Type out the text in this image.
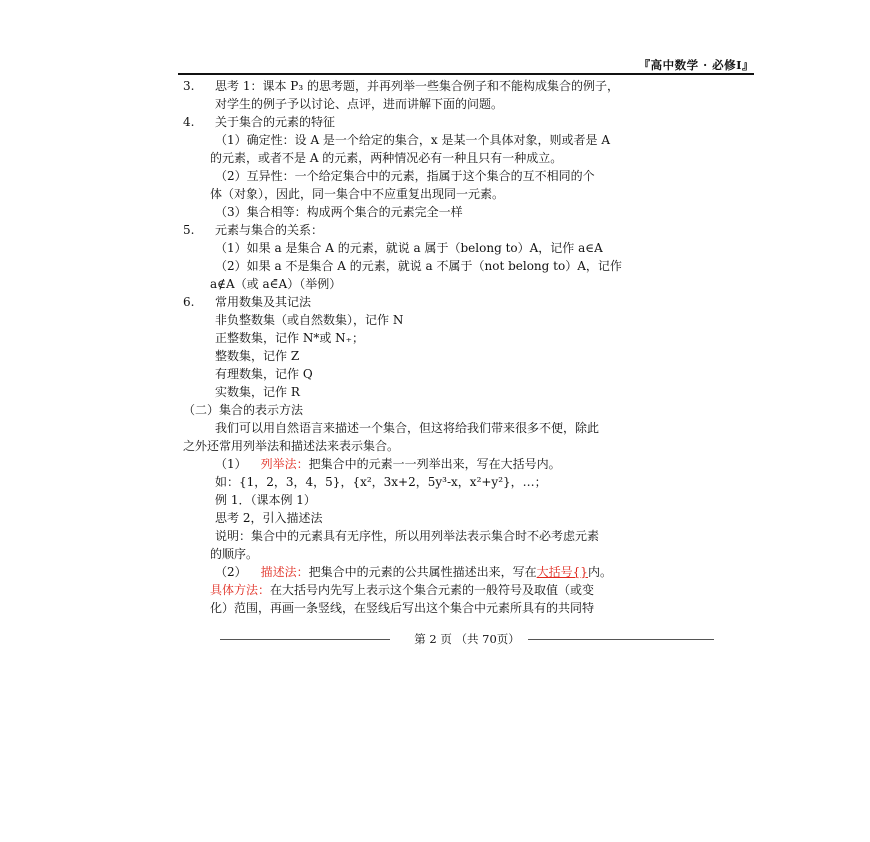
『高中数学 · 必修Ⅰ』
3. 思考 1：课本 P₃ 的思考题，并再列举一些集合例子和不能构成集合的例子，
对学生的例子予以讨论、点评，进而讲解下面的问题。
4. 关于集合的元素的特征
（1）确定性：设 A 是一个给定的集合，x 是某一个具体对象，则或者是 A
的元素，或者不是 A 的元素，两种情况必有一种且只有一种成立。
（2）互异性：一个给定集合中的元素，指属于这个集合的互不相同的个
体（对象），因此，同一集合中不应重复出现同一元素。
（3）集合相等：构成两个集合的元素完全一样
5. 元素与集合的关系：
（1）如果 a 是集合 A 的元素，就说 a 属于（belong to）A，记作 a∈A
（2）如果 a 不是集合 A 的元素，就说 a 不属于（not belong to）A，记作
a∉A（或 a∈̄A）（举例）
6. 常用数集及其记法
非负整数集（或自然数集），记作 N
正整数集，记作 N*或 N₊；
整数集，记作 Z
有理数集，记作 Q
实数集，记作 R
（二）集合的表示方法
我们可以用自然语言来描述一个集合，但这将给我们带来很多不便，除此
之外还常用列举法和描述法来表示集合。
（1） 列举法：把集合中的元素一一列举出来，写在大括号内。
如：{1，2，3，4，5}，{x²，3x+2，5y³-x，x²+y²}，…；
例 1．（课本例 1）
思考 2，引入描述法
说明：集合中的元素具有无序性，所以用列举法表示集合时不必考虑元素
的顺序。
（2） 描述法：把集合中的元素的公共属性描述出来，写在大括号{}内。
具体方法：在大括号内先写上表示这个集合元素的一般符号及取值（或变
化）范围，再画一条竖线，在竖线后写出这个集合中元素所具有的共同特
第 2 页 （共 70页）
